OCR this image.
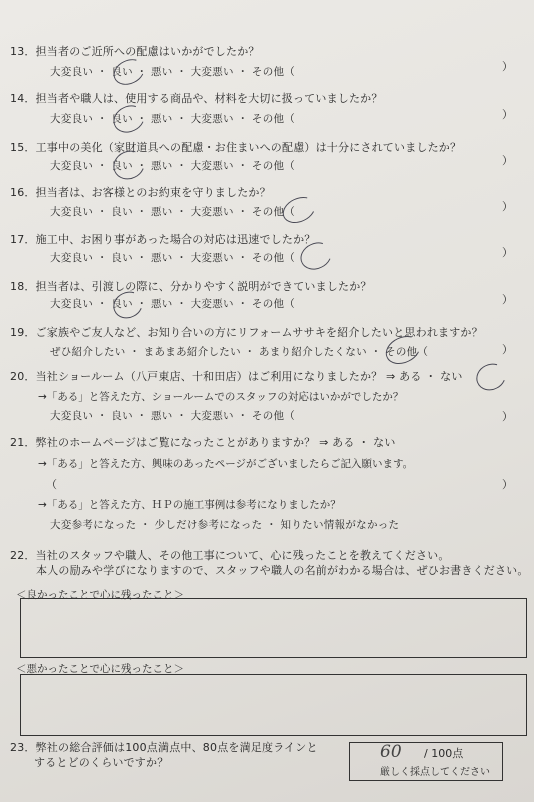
13．担当者のご近所への配慮はいかがでしたか？
大変良い ・ 良い ・ 悪い ・ 大変悪い ・ その他（	）
14．担当者や職人は、使用する商品や、材料を大切に扱っていましたか？
大変良い ・ 良い ・ 悪い ・ 大変悪い ・ その他（	）
15．工事中の美化（家財道具への配慮・お住まいへの配慮）は十分にされていましたか？
大変良い ・ 良い ・ 悪い ・ 大変悪い ・ その他（	）
16．担当者は、お客様とのお約束を守りましたか？
大変良い ・ 良い ・ 悪い ・ 大変悪い ・ その他（	）
17．施工中、お困り事があった場合の対応は迅速でしたか？
大変良い ・ 良い ・ 悪い ・ 大変悪い ・ その他（	）
18．担当者は、引渡しの際に、分かりやすく説明ができていましたか？
大変良い ・ 良い ・ 悪い ・ 大変悪い ・ その他（	）
19．ご家族やご友人など、お知り合いの方にリフォームササキを紹介したいと思われますか？
ぜひ紹介したい ・ まあまあ紹介したい ・ あまり紹介したくない ・ その他（	）
20．当社ショールーム（八戸東店、十和田店）はご利用になりましたか？ ⇒ ある ・ ない
→「ある」と答えた方、ショールームでのスタッフの対応はいかがでしたか？
大変良い ・ 良い ・ 悪い ・ 大変悪い ・ その他（	）
21．弊社のホームページはご覧になったことがありますか？ ⇒ ある ・ ない
→「ある」と答えた方、興味のあったページがございましたらご記入願います。
（	）
→「ある」と答えた方、ＨＰの施工事例は参考になりましたか？
大変参考になった ・ 少しだけ参考になった ・ 知りたい情報がなかった
22．当社のスタッフや職人、その他工事について、心に残ったことを教えてください。
本人の励みや学びになりますので、スタッフや職人の名前がわかる場合は、ぜひお書きください。
＜良かったことで心に残ったこと＞
＜悪かったことで心に残ったこと＞
23．弊社の総合評価は100点満点中、80点を満足度ラインと
するとどのくらいですか？
60 / 100点
厳しく採点してください
